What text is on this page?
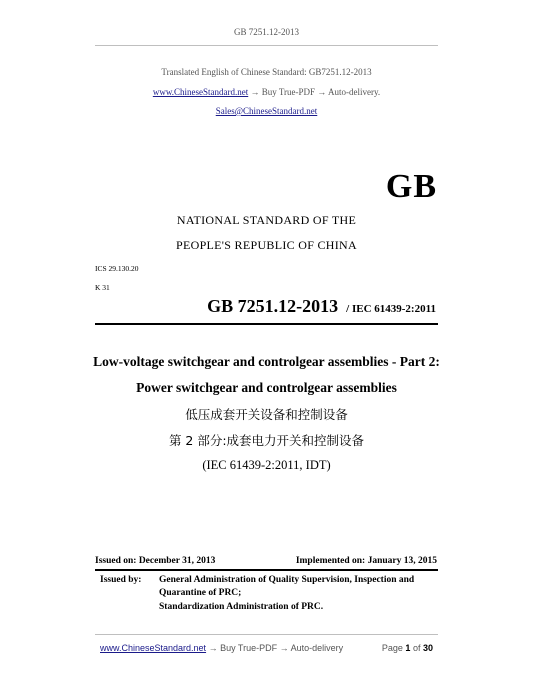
GB 7251.12-2013
Translated English of Chinese Standard: GB7251.12-2013
www.ChineseStandard.net → Buy True-PDF → Auto-delivery.
Sales@ChineseStandard.net
GB
NATIONAL STANDARD OF THE
PEOPLE'S REPUBLIC OF CHINA
ICS 29.130.20
K 31
GB 7251.12-2013 / IEC 61439-2:2011
Low-voltage switchgear and controlgear assemblies - Part 2:
Power switchgear and controlgear assemblies
低压成套开关设备和控制设备
第 2 部分:成套电力开关和控制设备
(IEC 61439-2:2011, IDT)
Issued on: December 31, 2013	Implemented on: January 13, 2015
Issued by: General Administration of Quality Supervision, Inspection and
Quarantine of PRC;
Standardization Administration of PRC.
www.ChineseStandard.net → Buy True-PDF → Auto-delivery	Page 1 of 30
